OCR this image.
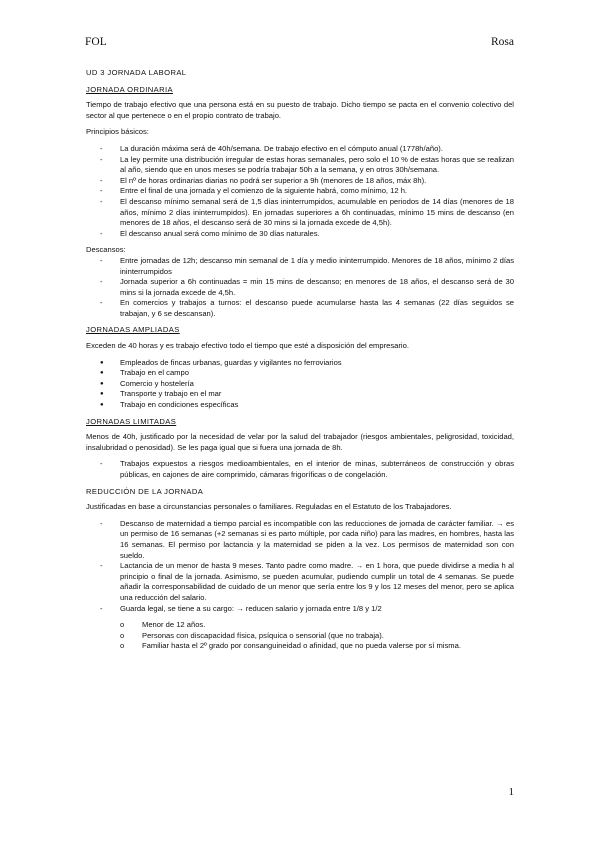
FOL	Rosa
UD 3 JORNADA LABORAL
JORNADA ORDINARIA

Tiempo de trabajo efectivo que una persona está en su puesto de trabajo. Dicho tiempo se pacta en el convenio colectivo del sector al que pertenece o en el propio contrato de trabajo.

Principios básicos:

- La duración máxima será de 40h/semana. De trabajo efectivo en el cómputo anual (1778h/año).
- La ley permite una distribución irregular de estas horas semanales, pero solo el 10 % de estas horas que se realizan al año, siendo que en unos meses se podría trabajar 50h a la semana, y en otros 30h/semana.
- El nº de horas ordinarias diarias no podrá ser superior a 9h (menores de 18 años, máx 8h).
- Entre el final de una jornada y el comienzo de la siguiente habrá, como mínimo, 12 h.
- El descanso mínimo semanal será de 1,5 días ininterrumpidos, acumulable en periodos de 14 días (menores de 18 años, mínimo 2 días ininterrumpidos). En jornadas superiores a 6h continuadas, mínimo 15 mins de descanso (en menores de 18 años, el descanso será de 30 mins si la jornada excede de 4,5h).
- El descanso anual será como mínimo de 30 días naturales.

Descansos:

- Entre jornadas de 12h; descanso min semanal de 1 día y medio ininterrumpido. Menores de 18 años, mínimo 2 días ininterrumpidos
- Jornada superior a 6h continuadas = min 15 mins de descanso; en menores de 18 años, el descanso será de 30 mins si la jornada excede de 4,5h.
- En comercios y trabajos a turnos: el descanso puede acumularse hasta las 4 semanas (22 días seguidos se trabajan, y 6 se descansan).
JORNADAS AMPLIADAS

Exceden de 40 horas y es trabajo efectivo todo el tiempo que esté a disposición del empresario.

● Empleados de fincas urbanas, guardas y vigilantes no ferroviarios
● Trabajo en el campo
● Comercio y hostelería
● Transporte y trabajo en el mar
● Trabajo en condiciones específicas
JORNADAS LIMITADAS

Menos de 40h, justificado por la necesidad de velar por la salud del trabajador (riesgos ambientales, peligrosidad, toxicidad, insalubridad o penosidad). Se les paga igual que si fuera una jornada de 8h.

- Trabajos expuestos a riesgos medioambientales, en el interior de minas, subterráneos de construcción y obras públicas, en cajones de aire comprimido, cámaras frigoríficas o de congelación.
REDUCCIÓN DE LA JORNADA

Justificadas en base a circunstancias personales o familiares. Reguladas en el Estatuto de los Trabajadores.

- Descanso de maternidad a tiempo parcial es incompatible con las reducciones de jornada de carácter familiar. → es un permiso de 16 semanas (+2 semanas si es parto múltiple, por cada niño) para las madres, en hombres, hasta las 16 semanas. El permiso por lactancia y la maternidad se piden a la vez. Los permisos de maternidad son con sueldo.
- Lactancia de un menor de hasta 9 meses. Tanto padre como madre. → en 1 hora, que puede dividirse a media h al principio o final de la jornada. Asimismo, se pueden acumular, pudiendo cumplir un total de 4 semanas. Se puede añadir la corresponsabilidad de cuidado de un menor que sería entre los 9 y los 12 meses del menor, pero se aplica una reducción del salario.
- Guarda legal, se tiene a su cargo: → reducen salario y jornada entre 1/8 y 1/2
o Menor de 12 años.
o Personas con discapacidad física, psíquica o sensorial (que no trabaja).
o Familiar hasta el 2º grado por consanguineidad o afinidad, que no pueda valerse por sí misma.
1
